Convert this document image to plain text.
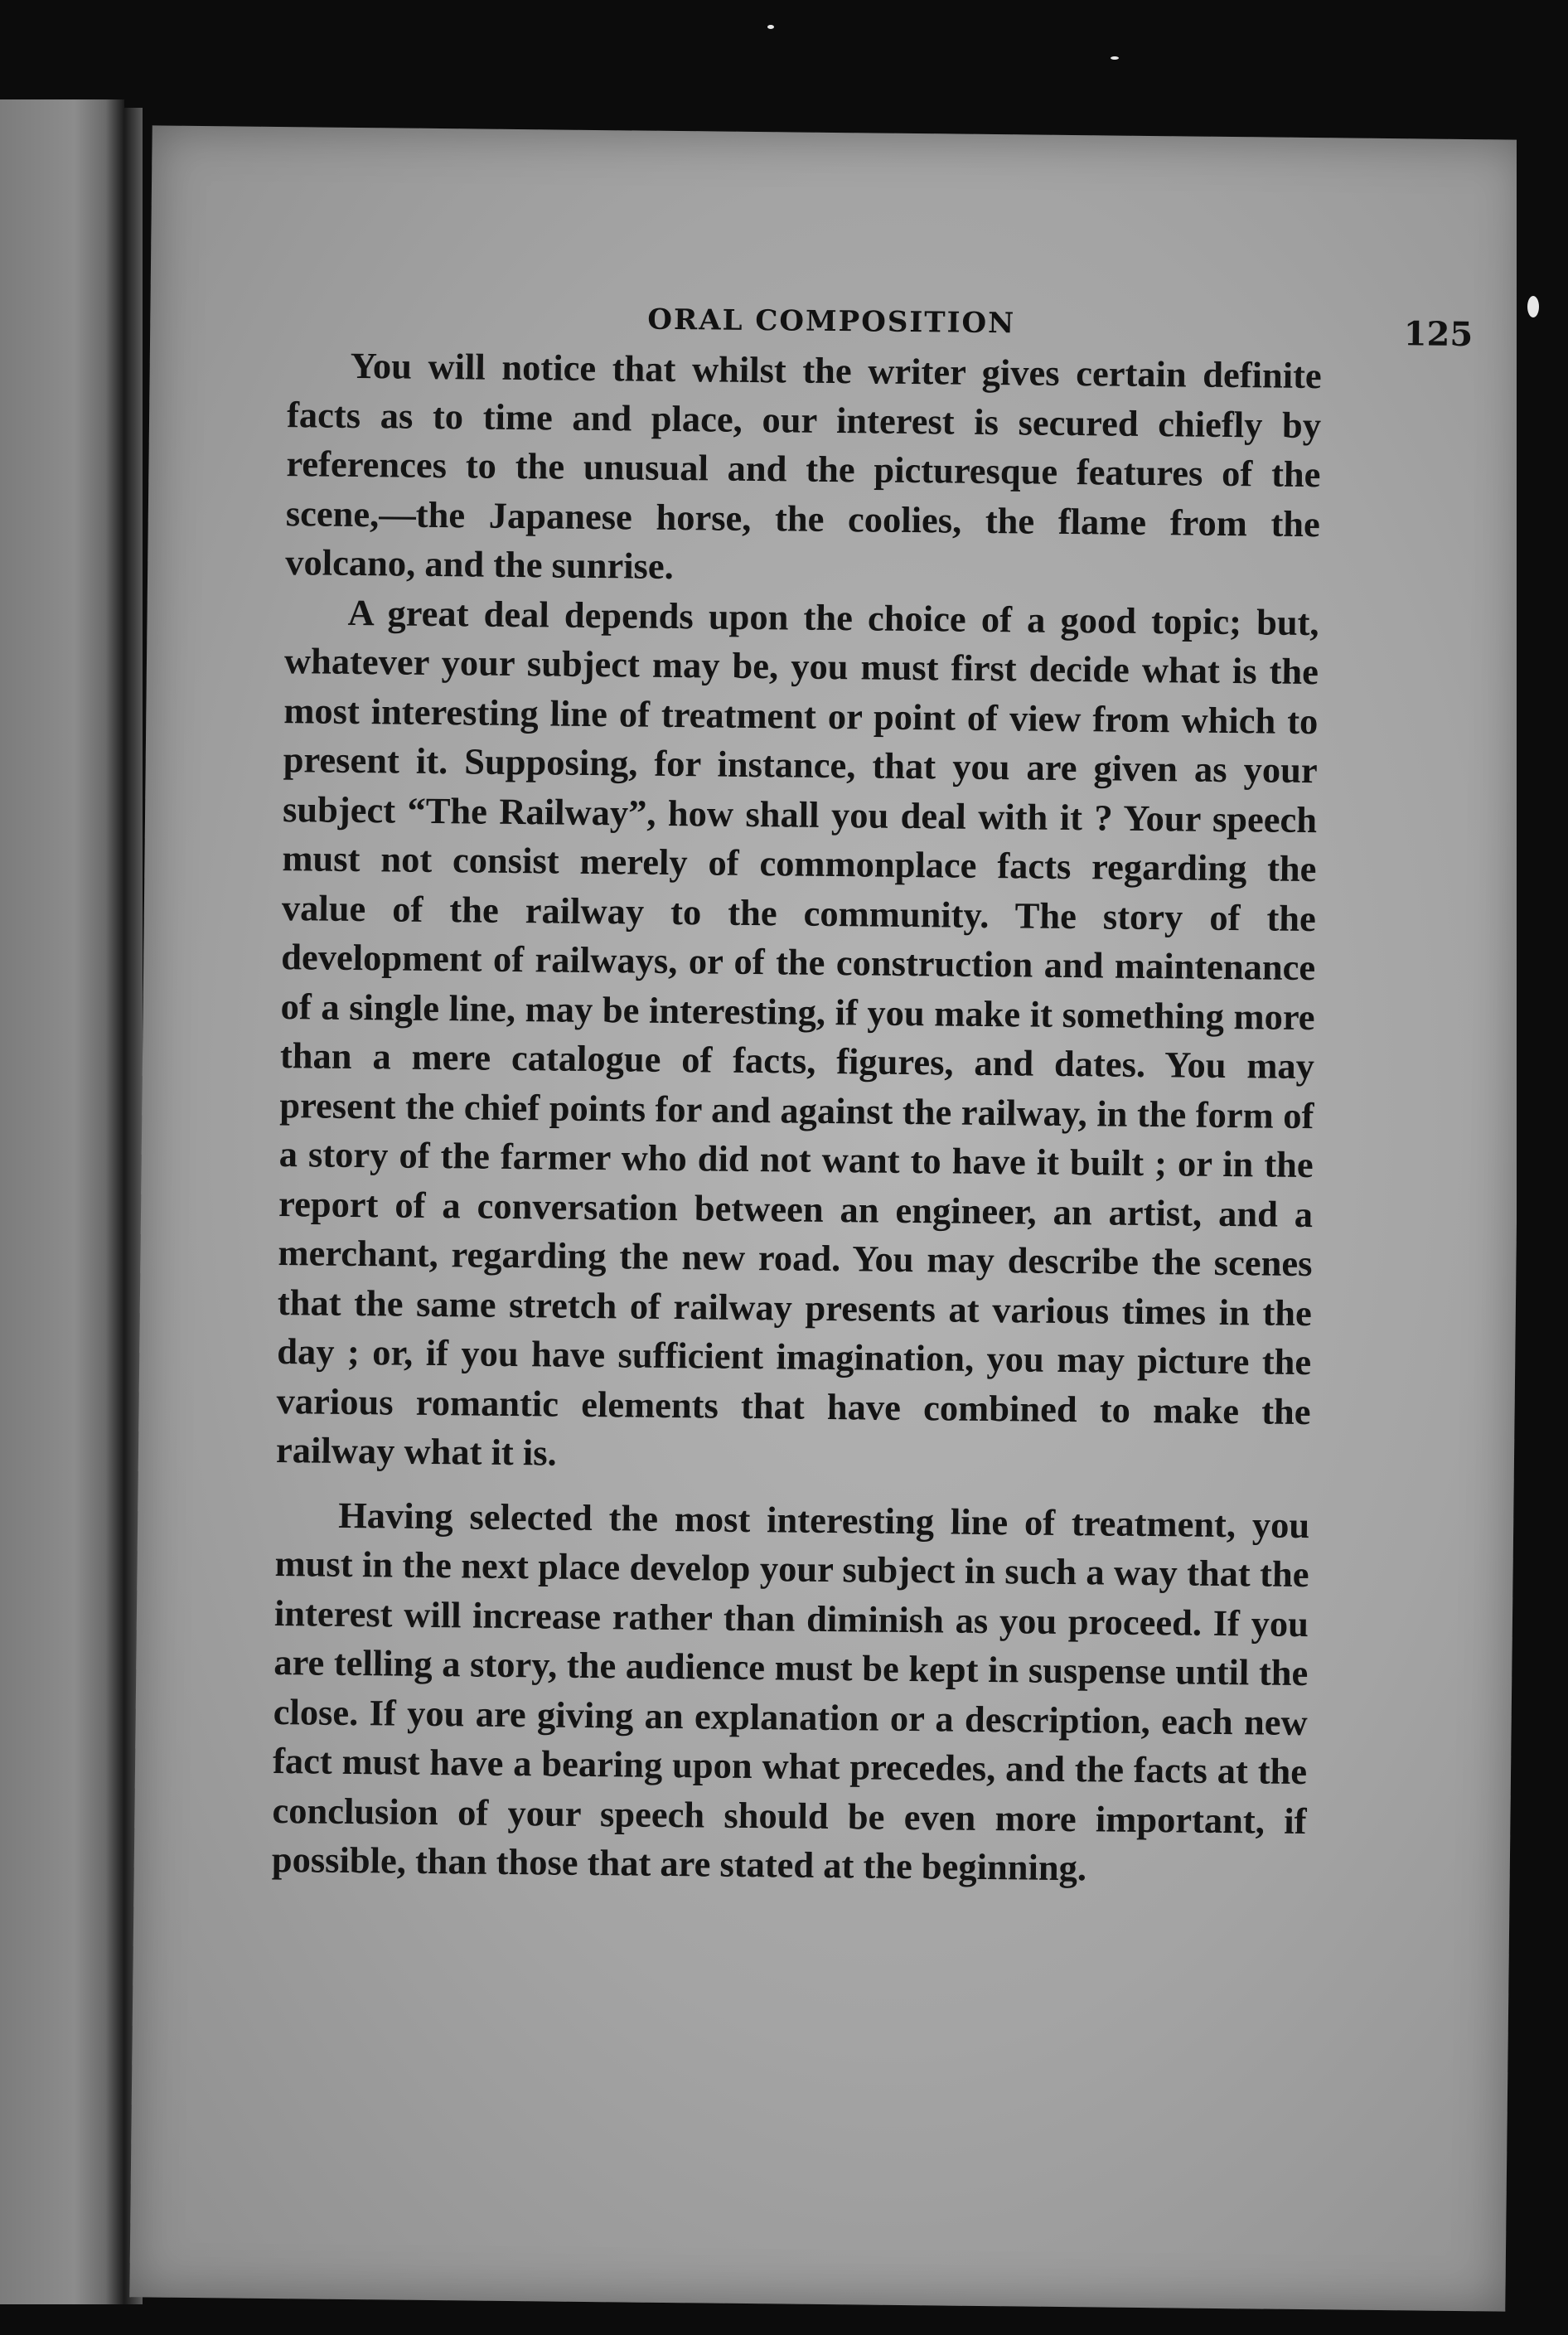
ORAL COMPOSITION	125

You will notice that whilst the writer gives certain definite facts as to time and place, our interest is secured chiefly by references to the unusual and the picturesque features of the scene,—the Japanese horse, the coolies, the flame from the volcano, and the sunrise.

A great deal depends upon the choice of a good topic; but, whatever your subject may be, you must first decide what is the most interesting line of treatment or point of view from which to present it. Supposing, for instance, that you are given as your subject “The Railway”, how shall you deal with it ? Your speech must not consist merely of commonplace facts regarding the value of the railway to the community. The story of the development of railways, or of the construction and maintenance of a single line, may be interesting, if you make it something more than a mere catalogue of facts, figures, and dates. You may present the chief points for and against the railway, in the form of a story of the farmer who did not want to have it built ; or in the report of a conversation between an engineer, an artist, and a merchant, regarding the new road. You may describe the scenes that the same stretch of railway presents at various times in the day ; or, if you have sufficient imagination, you may picture the various romantic elements that have combined to make the railway what it is.

Having selected the most interesting line of treatment, you must in the next place develop your subject in such a way that the interest will increase rather than diminish as you proceed. If you are telling a story, the audience must be kept in suspense until the close. If you are giving an explanation or a description, each new fact must have a bearing upon what precedes, and the facts at the conclusion of your speech should be even more important, if possible, than those that are stated at the beginning.
